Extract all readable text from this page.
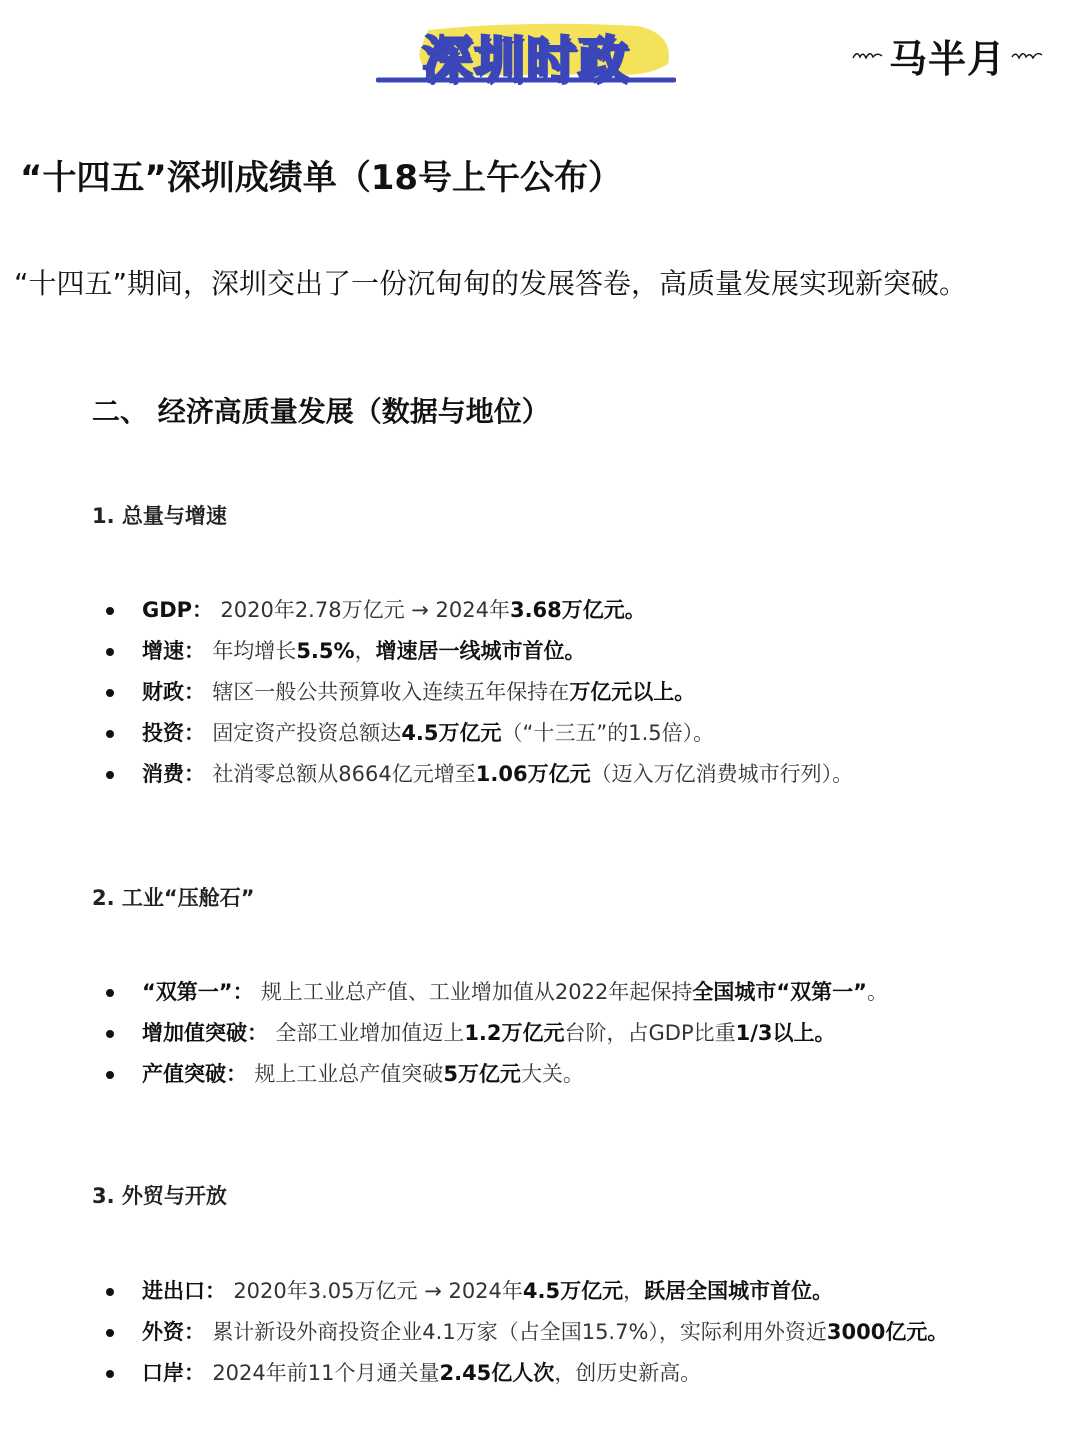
深圳时政	马半月
“十四五”深圳成绩单（18号上午公布）
“十四五”期间，深圳交出了一份沉甸甸的发展答卷，高质量发展实现新突破。
二、 经济高质量发展（数据与地位）
1. 总量与增速
GDP： 2020年2.78万亿元 → 2024年3.68万亿元。
增速： 年均增长5.5%，增速居一线城市首位。
财政： 辖区一般公共预算收入连续五年保持在万亿元以上。
投资： 固定资产投资总额达4.5万亿元（“十三五”的1.5倍）。
消费： 社消零总额从8664亿元增至1.06万亿元（迈入万亿消费城市行列）。
2. 工业“压舱石”
“双第一”： 规上工业总产值、工业增加值从2022年起保持全国城市“双第一”。
增加值突破： 全部工业增加值迈上1.2万亿元台阶，占GDP比重1/3以上。
产值突破： 规上工业总产值突破5万亿元大关。
3. 外贸与开放
进出口： 2020年3.05万亿元 → 2024年4.5万亿元，跃居全国城市首位。
外资： 累计新设外商投资企业4.1万家（占全国15.7%），实际利用外资近3000亿元。
口岸： 2024年前11个月通关量2.45亿人次，创历史新高。
